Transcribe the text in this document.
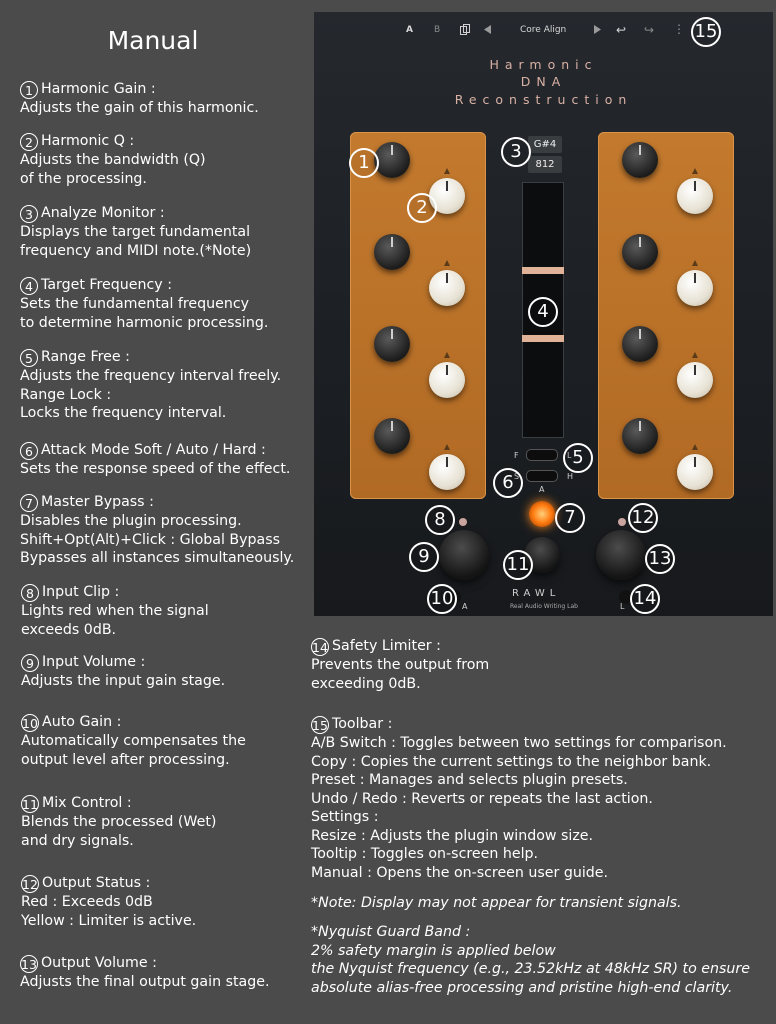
Manual
1 Harmonic Gain :
Adjusts the gain of this harmonic.
2 Harmonic Q :
Adjusts the bandwidth (Q)
of the processing.
3 Analyze Monitor :
Displays the target fundamental
frequency and MIDI note.(*Note)
4 Target Frequency :
Sets the fundamental frequency
to determine harmonic processing.
5 Range Free :
Adjusts the frequency interval freely.
Range Lock :
Locks the frequency interval.
6 Attack Mode Soft / Auto / Hard :
Sets the response speed of the effect.
7 Master Bypass :
Disables the plugin processing.
Shift+Opt(Alt)+Click : Global Bypass
Bypasses all instances simultaneously.
8 Input Clip :
Lights red when the signal
exceeds 0dB.
9 Input Volume :
Adjusts the input gain stage.
10 Auto Gain :
Automatically compensates the
output level after processing.
11 Mix Control :
Blends the processed (Wet)
and dry signals.
12 Output Status :
Red : Exceeds 0dB
Yellow : Limiter is active.
13 Output Volume :
Adjusts the final output gain stage.
14 Safety Limiter :
Prevents the output from
exceeding 0dB.
15 Toolbar :
A/B Switch : Toggles between two settings for comparison.
Copy : Copies the current settings to the neighbor bank.
Preset : Manages and selects plugin presets.
Undo / Redo : Reverts or repeats the last action.
Settings :
Resize : Adjusts the plugin window size.
Tooltip : Toggles on-screen help.
Manual : Opens the on-screen user guide.
*Note: Display may not appear for transient signals.
*Nyquist Guard Band :
2% safety margin is applied below
the Nyquist frequency (e.g., 23.52kHz at 48kHz SR) to ensure
absolute alias-free processing and pristine high-end clarity.
A B	Core Align	↩ ↪ ⋮ 15
Harmonic
DNA
Reconstruction
G#4
812
F	L
S	H
A
A	L
RAWL
Real Audio Writing Lab
1
2
3
4
5
6
7
8
9	11
12
13
10	14
